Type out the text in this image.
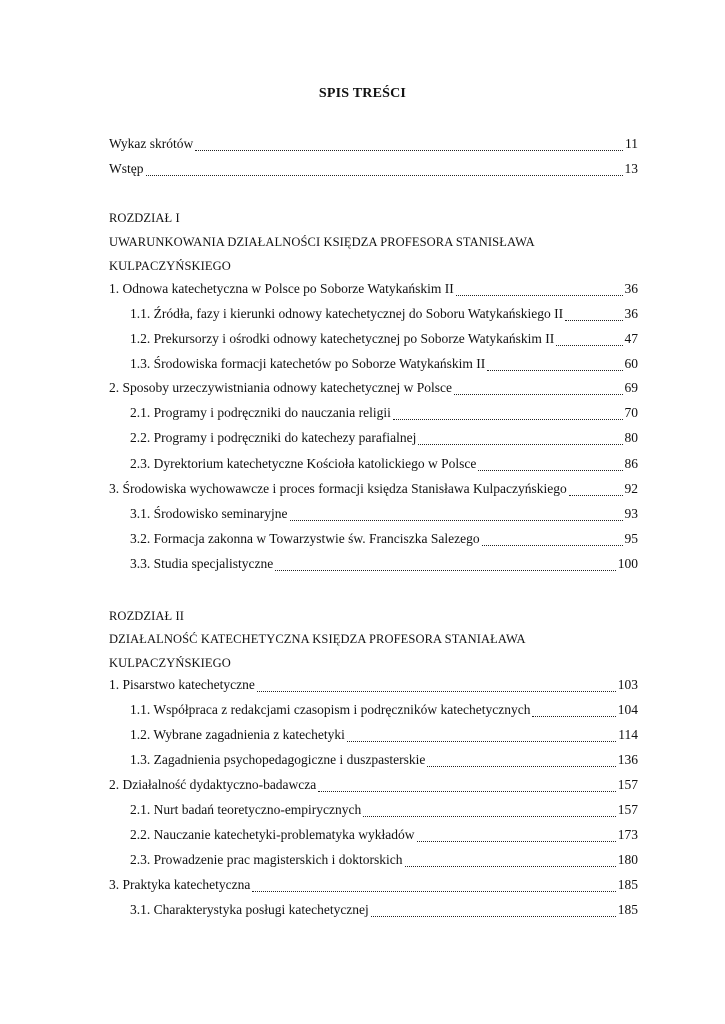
SPIS TREŚCI
Wykaz skrótów	11
Wstęp	13
ROZDZIAŁ I
UWARUNKOWANIA DZIAŁALNOŚCI KSIĘDZA PROFESORA STANISŁAWA
KULPACZYŃSKIEGO
1. Odnowa katechetyczna w Polsce po Soborze Watykańskim II	36
1.1. Źródła, fazy i kierunki odnowy katechetycznej do Soboru Watykańskiego II	36
1.2. Prekursorzy i ośrodki odnowy katechetycznej po Soborze Watykańskim II	47
1.3. Środowiska formacji katechetów po Soborze Watykańskim II	60
2. Sposoby urzeczywistniania odnowy katechetycznej w Polsce	69
2.1. Programy i podręczniki do nauczania religii	70
2.2. Programy i podręczniki do katechezy parafialnej	80
2.3. Dyrektorium katechetyczne Kościoła katolickiego w Polsce	86
3. Środowiska wychowawcze i proces formacji księdza Stanisława Kulpaczyńskiego	92
3.1. Środowisko seminaryjne	93
3.2. Formacja zakonna w Towarzystwie św. Franciszka Salezego	95
3.3. Studia specjalistyczne	100
ROZDZIAŁ II
DZIAŁALNOŚĆ KATECHETYCZNA KSIĘDZA PROFESORA STANIAŁAWA
KULPACZYŃSKIEGO
1. Pisarstwo katechetyczne	103
1.1. Współpraca z redakcjami czasopism i podręczników katechetycznych	104
1.2. Wybrane zagadnienia z katechetyki	114
1.3. Zagadnienia psychopedagogiczne i duszpasterskie	136
2. Działalność dydaktyczno-badawcza	157
2.1. Nurt badań teoretyczno-empirycznych	157
2.2. Nauczanie katechetyki-problematyka wykładów	173
2.3. Prowadzenie prac magisterskich i doktorskich	180
3. Praktyka katechetyczna	185
3.1. Charakterystyka posługi katechetycznej	185
